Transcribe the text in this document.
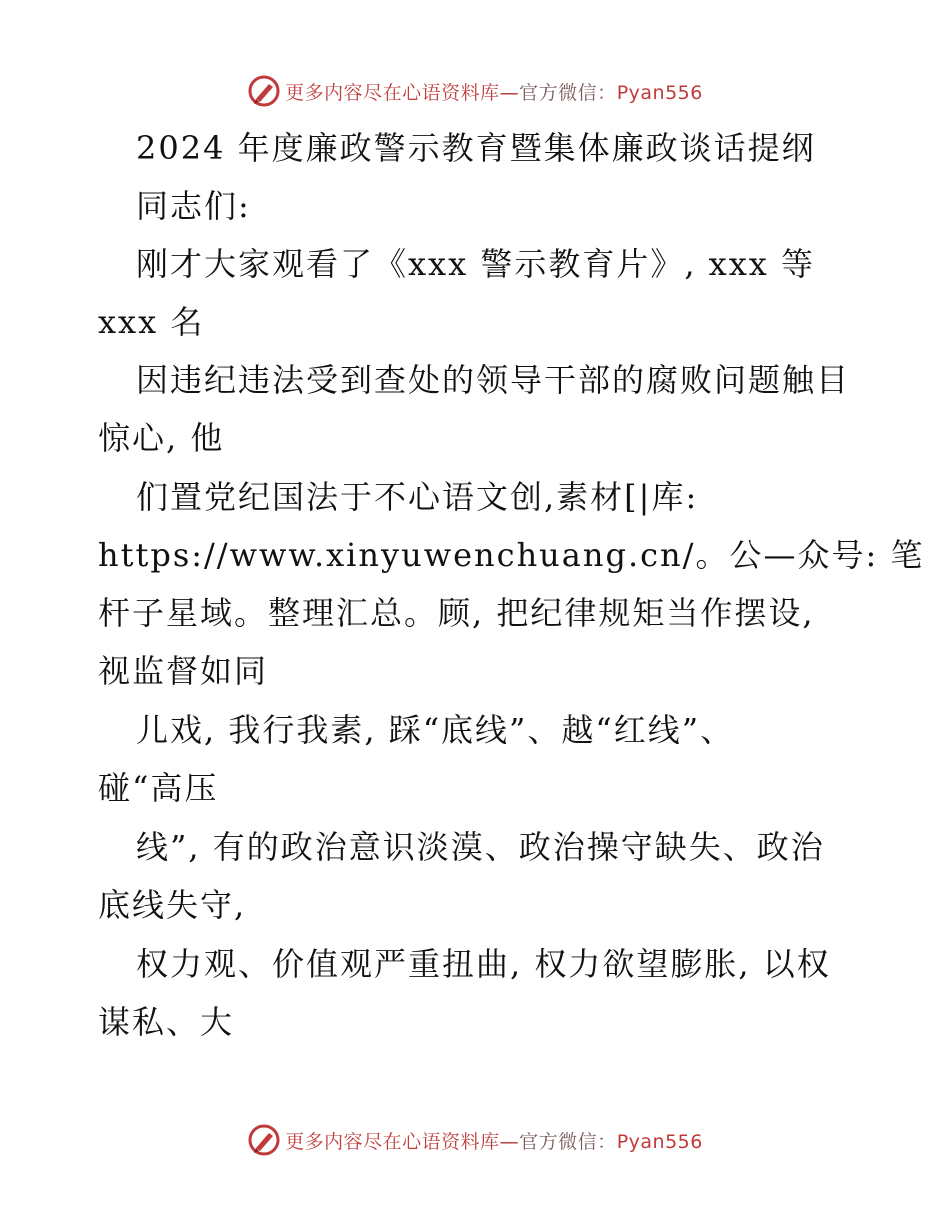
更多内容尽在心语资料库—官方微信：Pyan556
2024 年度廉政警示教育暨集体廉政谈话提纲
同志们:
刚才大家观看了《xxx 警示教育片》, xxx 等
xxx 名
因违纪违法受到查处的领导干部的腐败问题触目
惊心, 他
们置党纪国法于不心语文创,素材[|库:
https://www.xinyuwenchuang.cn/。公—众号: 笔
杆子星域。整理汇总。顾, 把纪律规矩当作摆设,
视监督如同
儿戏, 我行我素, 踩“底线”、越“红线”、
碰“高压
线”, 有的政治意识淡漠、政治操守缺失、政治
底线失守,
权力观、价值观严重扭曲, 权力欲望膨胀, 以权
谋私、大
更多内容尽在心语资料库—官方微信：Pyan556
